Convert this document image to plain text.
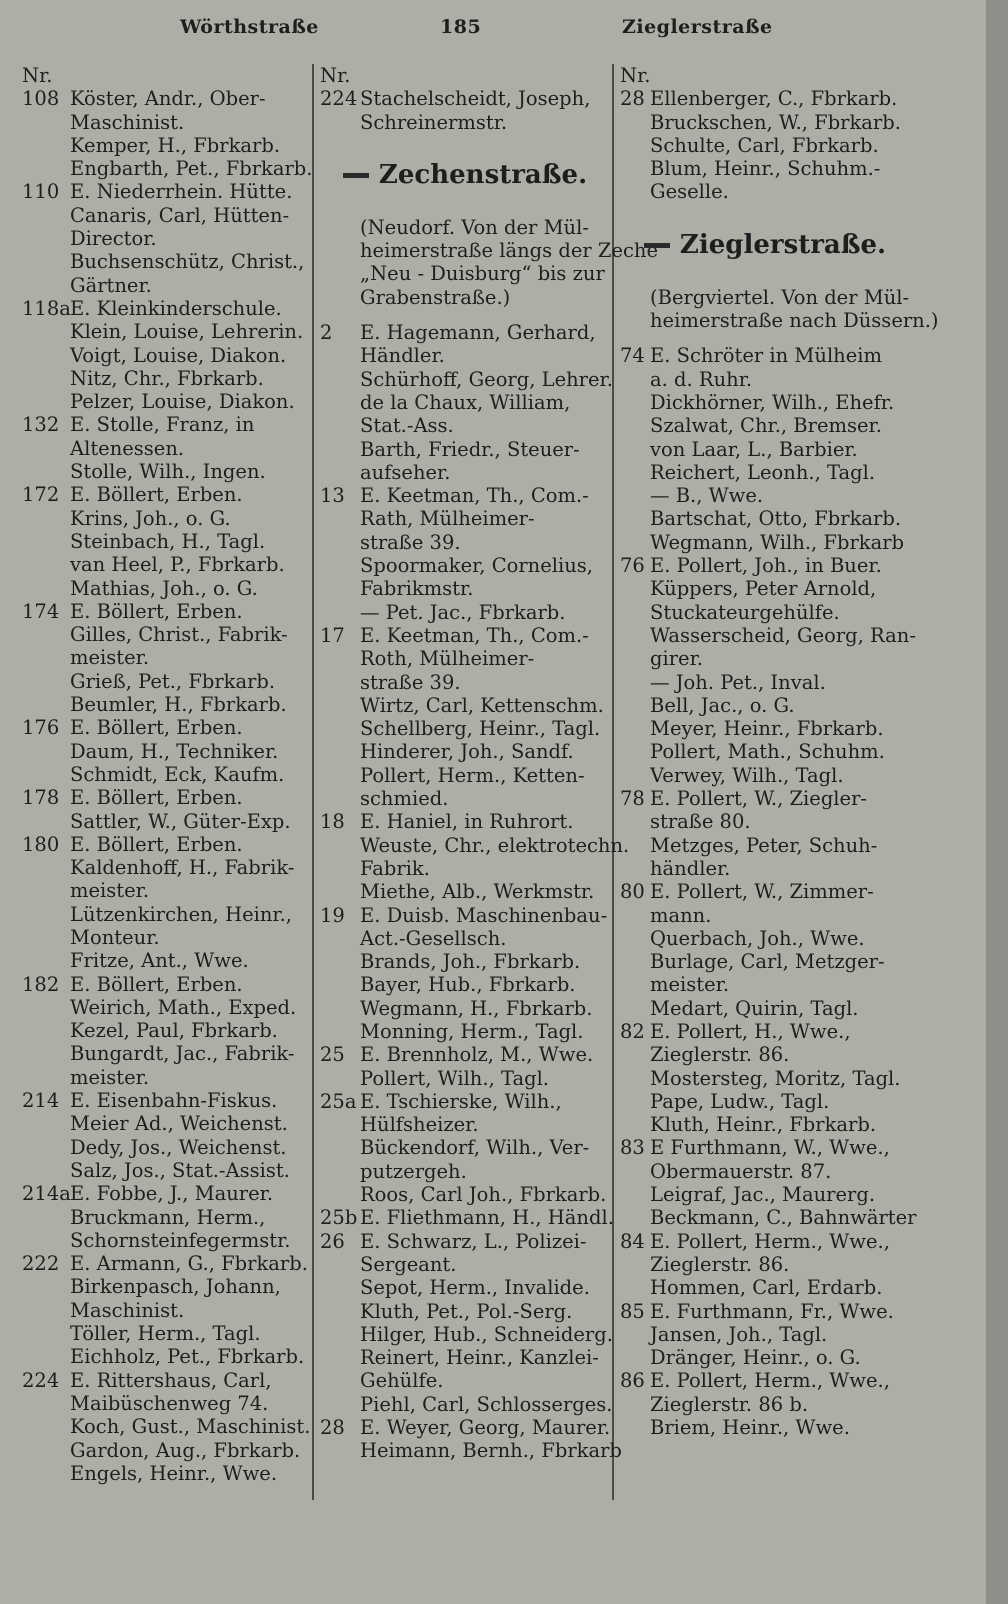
Wörthstraße	185	Zieglerstraße
Nr.
108 Köster, Andr., Ober-
Maschinist.
Kemper, H., Fbrkarb.
Engbarth, Pet., Fbrkarb.
110 E. Niederrhein. Hütte.
Canaris, Carl, Hütten-
Director.
Buchsenschütz, Christ.,
Gärtner.
118aE. Kleinkinderschule.
Klein, Louise, Lehrerin.
Voigt, Louise, Diakon.
Nitz, Chr., Fbrkarb.
Pelzer, Louise, Diakon.
132 E. Stolle, Franz, in
Altenessen.
Stolle, Wilh., Ingen.
172 E. Böllert, Erben.
Krins, Joh., o. G.
Steinbach, H., Tagl.
van Heel, P., Fbrkarb.
Mathias, Joh., o. G.
174 E. Böllert, Erben.
Gilles, Christ., Fabrik-
meister.
Grieß, Pet., Fbrkarb.
Beumler, H., Fbrkarb.
176 E. Böllert, Erben.
Daum, H., Techniker.
Schmidt, Eck, Kaufm.
178 E. Böllert, Erben.
Sattler, W., Güter-Exp.
180 E. Böllert, Erben.
Kaldenhoff, H., Fabrik-
meister.
Lützenkirchen, Heinr.,
Monteur.
Fritze, Ant., Wwe.
182 E. Böllert, Erben.
Weirich, Math., Exped.
Kezel, Paul, Fbrkarb.
Bungardt, Jac., Fabrik-
meister.
214 E. Eisenbahn-Fiskus.
Meier Ad., Weichenst.
Dedy, Jos., Weichenst.
Salz, Jos., Stat.-Assist.
214aE. Fobbe, J., Maurer.
Bruckmann, Herm.,
Schornsteinfegermstr.
222 E. Armann, G., Fbrkarb.
Birkenpasch, Johann,
Maschinist.
Töller, Herm., Tagl.
Eichholz, Pet., Fbrkarb.
224 E. Rittershaus, Carl,
Maibüschenweg 74.
Koch, Gust., Maschinist.
Gardon, Aug., Fbrkarb.
Engels, Heinr., Wwe.
Nr.
224 Stachelscheidt, Joseph,
Schreinermstr.
Zechenstraße.
(Neudorf. Von der Mül-
heimerstraße längs der Zeche
„Neu - Duisburg“ bis zur
Grabenstraße.)
2 E. Hagemann, Gerhard,
Händler.
Schürhoff, Georg, Lehrer.
de la Chaux, William,
Stat.-Ass.
Barth, Friedr., Steuer-
aufseher.
13 E. Keetman, Th., Com.-
Rath, Mülheimer-
straße 39.
Spoormaker, Cornelius,
Fabrikmstr.
— Pet. Jac., Fbrkarb.
17 E. Keetman, Th., Com.-
Roth, Mülheimer-
straße 39.
Wirtz, Carl, Kettenschm.
Schellberg, Heinr., Tagl.
Hinderer, Joh., Sandf.
Pollert, Herm., Ketten-
schmied.
18 E. Haniel, in Ruhrort.
Weuste, Chr., elektrotechn.
Fabrik.
Miethe, Alb., Werkmstr.
19 E. Duisb. Maschinenbau-
Act.-Gesellsch.
Brands, Joh., Fbrkarb.
Bayer, Hub., Fbrkarb.
Wegmann, H., Fbrkarb.
Monning, Herm., Tagl.
25 E. Brennholz, M., Wwe.
Pollert, Wilh., Tagl.
25a E. Tschierske, Wilh.,
Hülfsheizer.
Bückendorf, Wilh., Ver-
putzergeh.
Roos, Carl Joh., Fbrkarb.
25b E. Fliethmann, H., Händl.
26 E. Schwarz, L., Polizei-
Sergeant.
Sepot, Herm., Invalide.
Kluth, Pet., Pol.-Serg.
Hilger, Hub., Schneiderg.
Reinert, Heinr., Kanzlei-
Gehülfe.
Piehl, Carl, Schlosserges.
28 E. Weyer, Georg, Maurer.
Heimann, Bernh., Fbrkarb
Nr.
28 Ellenberger, C., Fbrkarb.
Bruckschen, W., Fbrkarb.
Schulte, Carl, Fbrkarb.
Blum, Heinr., Schuhm.-
Geselle.
Zieglerstraße.
(Bergviertel. Von der Mül-
heimerstraße nach Düssern.)
74 E. Schröter in Mülheim
a. d. Ruhr.
Dickhörner, Wilh., Ehefr.
Szalwat, Chr., Bremser.
von Laar, L., Barbier.
Reichert, Leonh., Tagl.
— B., Wwe.
Bartschat, Otto, Fbrkarb.
Wegmann, Wilh., Fbrkarb
76 E. Pollert, Joh., in Buer.
Küppers, Peter Arnold,
Stuckateurgehülfe.
Wasserscheid, Georg, Ran-
girer.
— Joh. Pet., Inval.
Bell, Jac., o. G.
Meyer, Heinr., Fbrkarb.
Pollert, Math., Schuhm.
Verwey, Wilh., Tagl.
78 E. Pollert, W., Ziegler-
straße 80.
Metzges, Peter, Schuh-
händler.
80 E. Pollert, W., Zimmer-
mann.
Querbach, Joh., Wwe.
Burlage, Carl, Metzger-
meister.
Medart, Quirin, Tagl.
82 E. Pollert, H., Wwe.,
Zieglerstr. 86.
Mostersteg, Moritz, Tagl.
Pape, Ludw., Tagl.
Kluth, Heinr., Fbrkarb.
83 E Furthmann, W., Wwe.,
Obermauerstr. 87.
Leigraf, Jac., Maurerg.
Beckmann, C., Bahnwärter
84 E. Pollert, Herm., Wwe.,
Zieglerstr. 86.
Hommen, Carl, Erdarb.
85 E. Furthmann, Fr., Wwe.
Jansen, Joh., Tagl.
Dränger, Heinr., o. G.
86 E. Pollert, Herm., Wwe.,
Zieglerstr. 86 b.
Briem, Heinr., Wwe.
